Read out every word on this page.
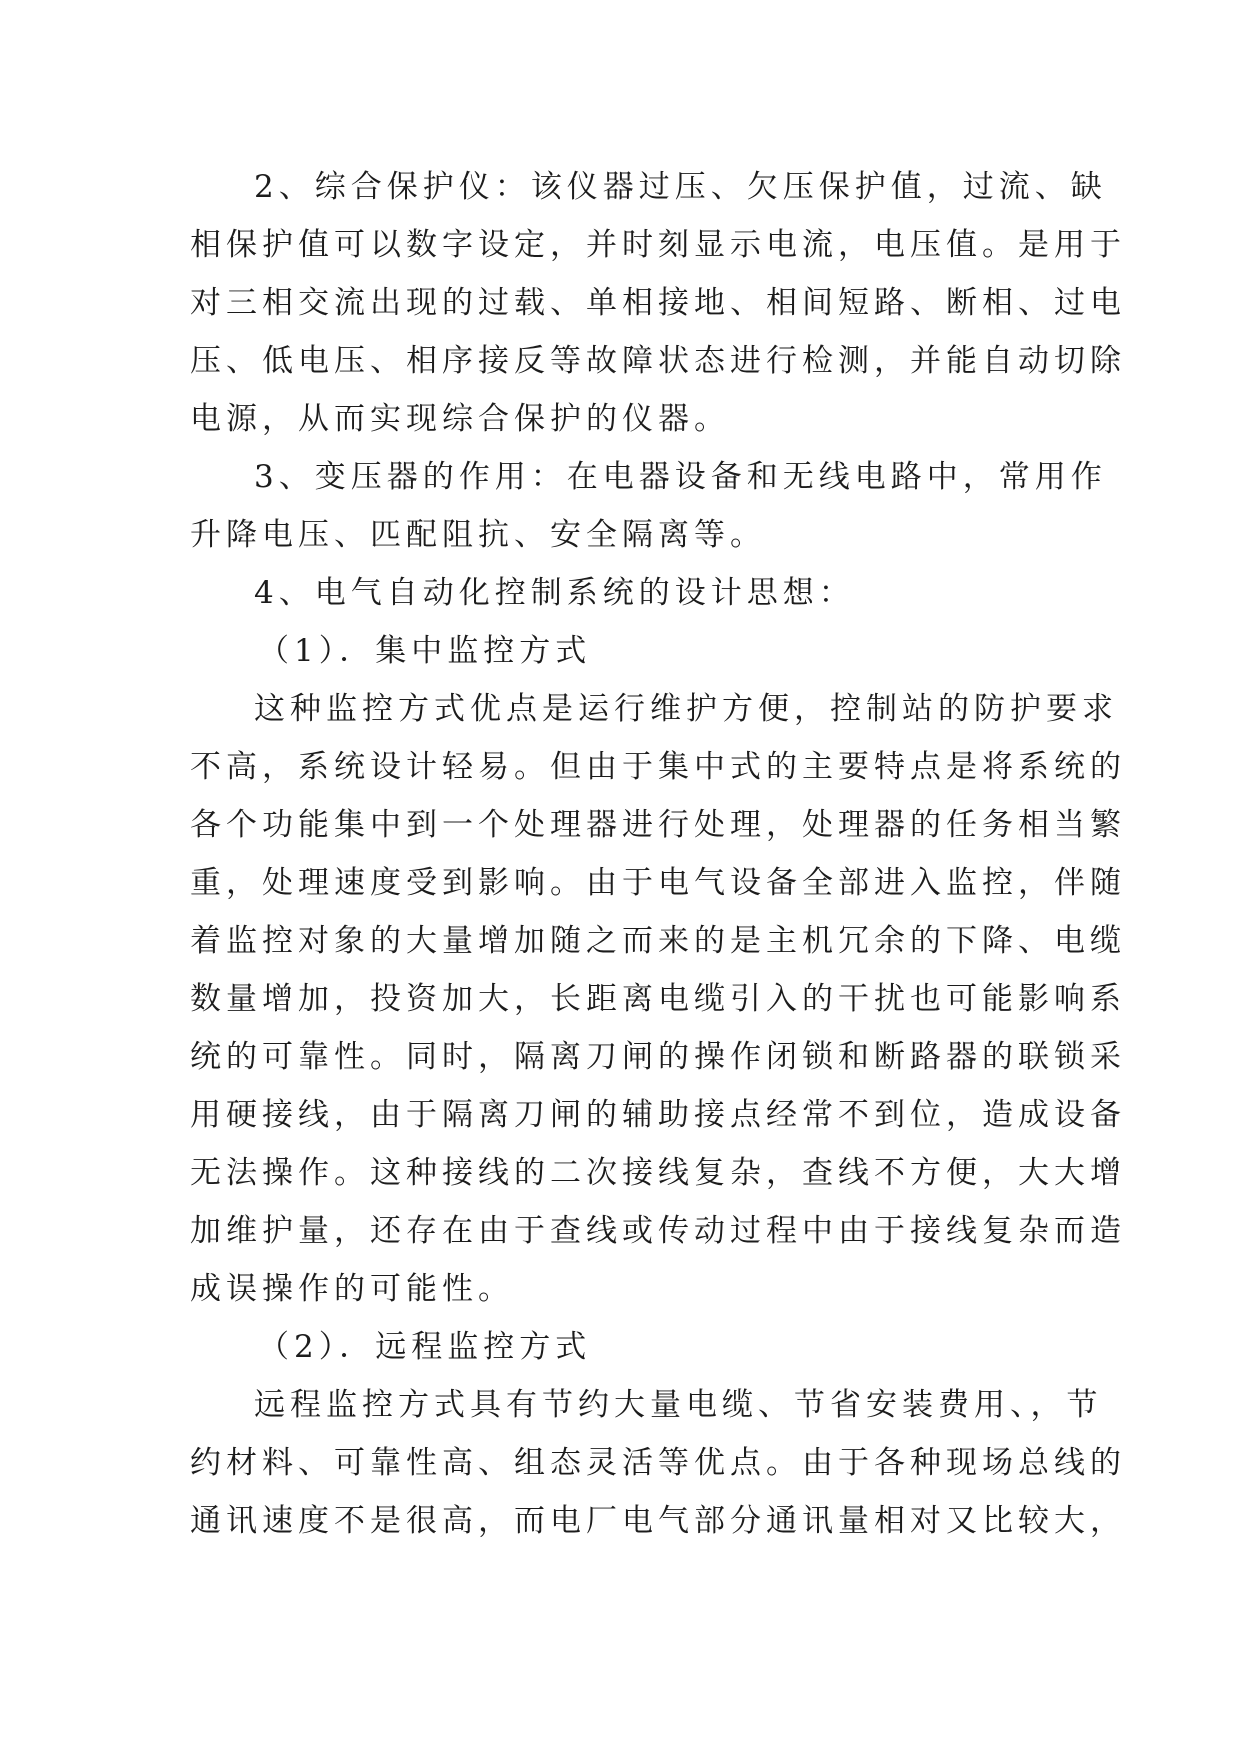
2、综合保护仪：该仪器过压、欠压保护值，过流、缺
相保护值可以数字设定，并时刻显示电流，电压值。是用于
对三相交流出现的过载、单相接地、相间短路、断相、过电
压、低电压、相序接反等故障状态进行检测，并能自动切除
电源，从而实现综合保护的仪器。
3、变压器的作用：在电器设备和无线电路中，常用作
升降电压、匹配阻抗、安全隔离等。
4、电气自动化控制系统的设计思想：
（1）．集中监控方式
这种监控方式优点是运行维护方便，控制站的防护要求
不高，系统设计轻易。但由于集中式的主要特点是将系统的
各个功能集中到一个处理器进行处理，处理器的任务相当繁
重，处理速度受到影响。由于电气设备全部进入监控，伴随
着监控对象的大量增加随之而来的是主机冗余的下降、电缆
数量增加，投资加大，长距离电缆引入的干扰也可能影响系
统的可靠性。同时，隔离刀闸的操作闭锁和断路器的联锁采
用硬接线，由于隔离刀闸的辅助接点经常不到位，造成设备
无法操作。这种接线的二次接线复杂，查线不方便，大大增
加维护量，还存在由于查线或传动过程中由于接线复杂而造
成误操作的可能性。
（2）．远程监控方式
远程监控方式具有节约大量电缆、节省安装费用、，节
约材料、可靠性高、组态灵活等优点。由于各种现场总线的
通讯速度不是很高，而电厂电气部分通讯量相对又比较大，
